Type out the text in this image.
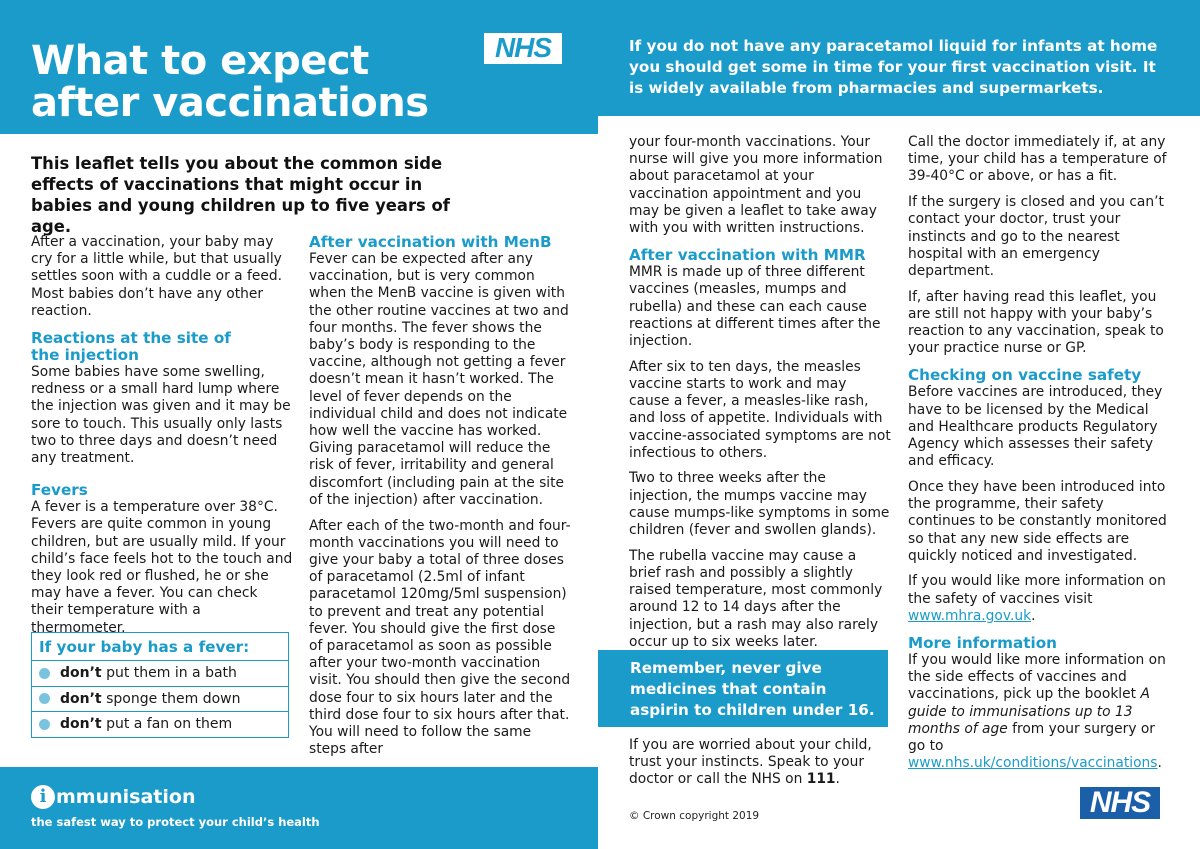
What to expect
after vaccinations
NHS	If you do not have any paracetamol liquid for infants at home you should get some in time for your first vaccination visit. It is widely available from pharmacies and supermarkets.
This leaflet tells you about the common side effects of vaccinations that might occur in babies and young children up to five years of age.

After a vaccination, your baby may cry for a little while, but that usually settles soon with a cuddle or a feed. Most babies don’t have any other reaction.

Reactions at the site of the injection

Some babies have some swelling, redness or a small hard lump where the injection was given and it may be sore to touch. This usually only lasts two to three days and doesn’t need any treatment.

Fevers

A fever is a temperature over 38°C. Fevers are quite common in young children, but are usually mild. If your child’s face feels hot to the touch and they look red or flushed, he or she may have a fever. You can check their temperature with a thermometer.

If your baby has a fever:
don’t put them in a bath
don’t sponge them down
don’t put a fan on them
After vaccination with MenB

Fever can be expected after any vaccination, but is very common when the MenB vaccine is given with the other routine vaccines at two and four months. The fever shows the baby’s body is responding to the vaccine, although not getting a fever doesn’t mean it hasn’t worked. The level of fever depends on the individual child and does not indicate how well the vaccine has worked. Giving paracetamol will reduce the risk of fever, irritability and general discomfort (including pain at the site of the injection) after vaccination.

After each of the two-month and four-month vaccinations you will need to give your baby a total of three doses of paracetamol (2.5ml of infant paracetamol 120mg/5ml suspension) to prevent and treat any potential fever. You should give the first dose of paracetamol as soon as possible after your two-month vaccination visit. You should then give the second dose four to six hours later and the third dose four to six hours after that. You will need to follow the same steps after

your four-month vaccinations. Your nurse will give you more information about paracetamol at your vaccination appointment and you may be given a leaflet to take away with you with written instructions.

After vaccination with MMR

MMR is made up of three different vaccines (measles, mumps and rubella) and these can each cause reactions at different times after the injection.

After six to ten days, the measles vaccine starts to work and may cause a fever, a measles-like rash, and loss of appetite. Individuals with vaccine-associated symptoms are not infectious to others.

Two to three weeks after the injection, the mumps vaccine may cause mumps-like symptoms in some children (fever and swollen glands).

The rubella vaccine may cause a brief rash and possibly a slightly raised temperature, most commonly around 12 to 14 days after the injection, but a rash may also rarely occur up to six weeks later.

Remember, never give medicines that contain aspirin to children under 16.
If you are worried about your child, trust your instincts. Speak to your doctor or call the NHS on 111.
© Crown copyright 2019

Call the doctor immediately if, at any time, your child has a temperature of 39-40°C or above, or has a fit.

If the surgery is closed and you can’t contact your doctor, trust your instincts and go to the nearest hospital with an emergency department.

If, after having read this leaflet, you are still not happy with your baby’s reaction to any vaccination, speak to your practice nurse or GP.

Checking on vaccine safety

Before vaccines are introduced, they have to be licensed by the Medical and Healthcare products Regulatory Agency which assesses their safety and efficacy.

Once they have been introduced into the programme, their safety continues to be constantly monitored so that any new side effects are quickly noticed and investigated.

If you would like more information on the safety of vaccines visit www.mhra.gov.uk.

More information

If you would like more information on the side effects of vaccines and vaccinations, pick up the booklet A guide to immunisations up to 13 months of age from your surgery or go to www.nhs.uk/conditions/vaccinations.

NHS
i mmunisation
the safest way to protect your child’s health
